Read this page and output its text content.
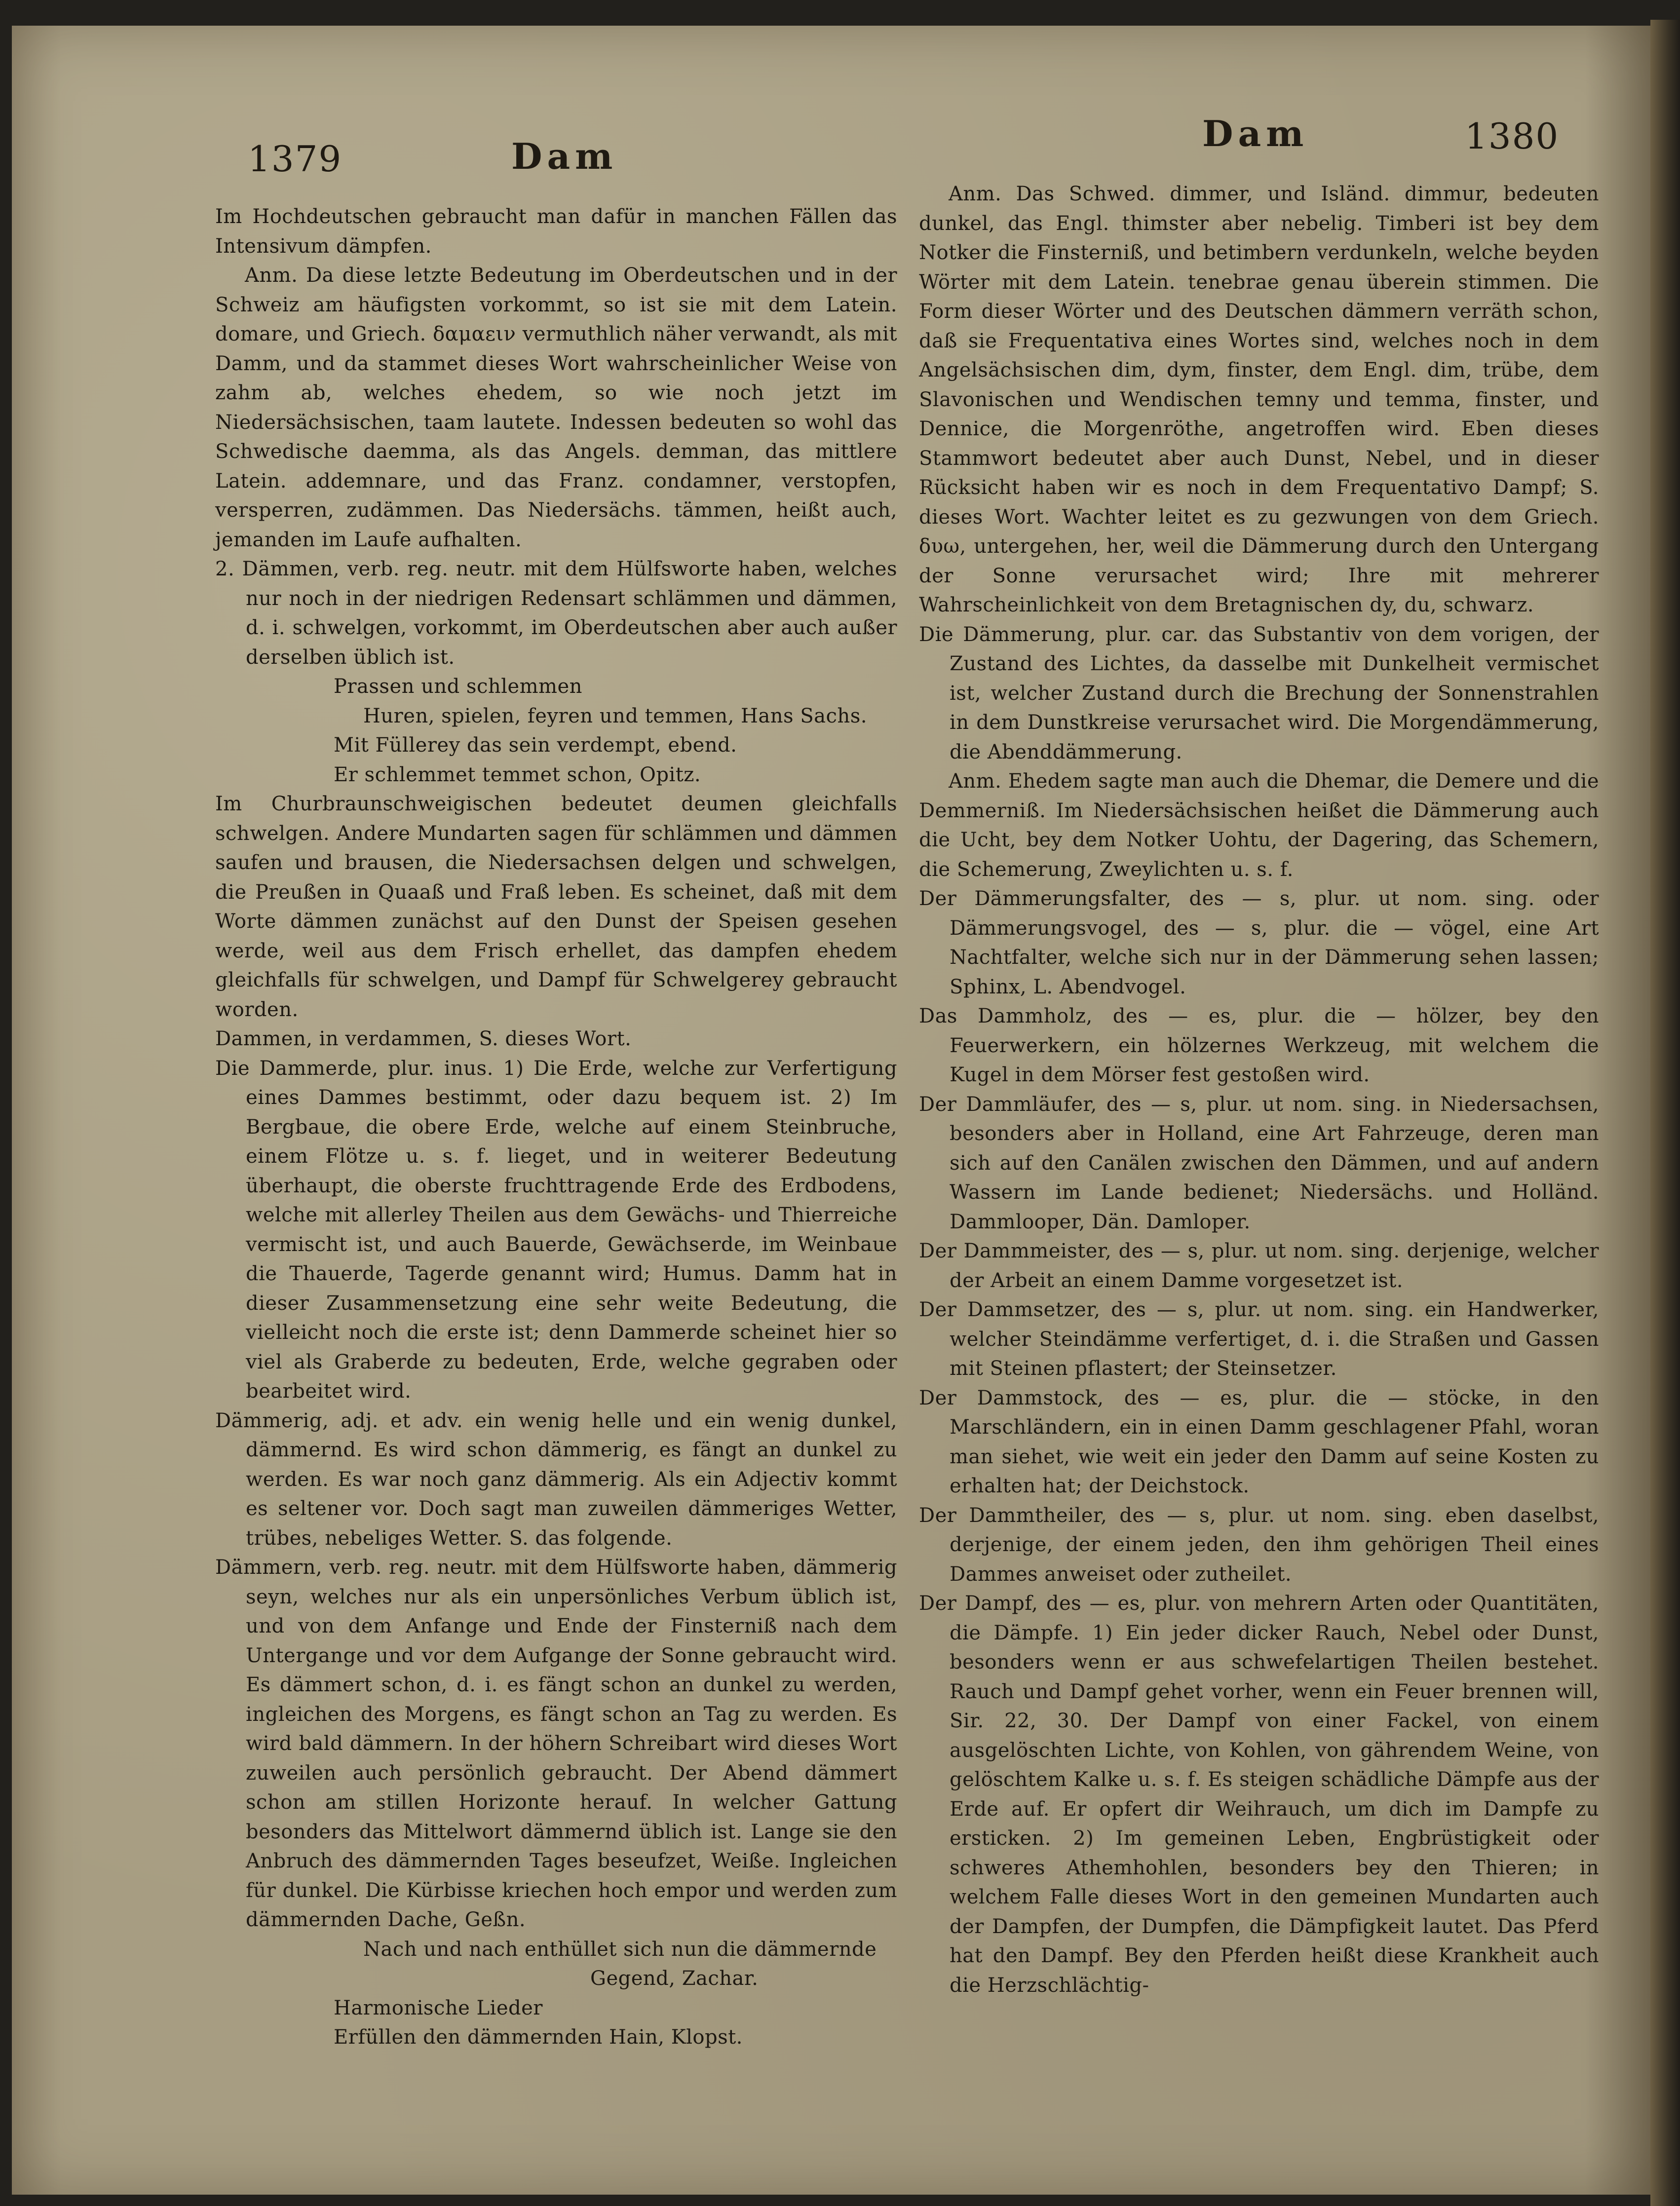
1379	Dam
Dam	1380

Im Hochdeutschen gebraucht man dafür in manchen Fällen das Intensivum dämpfen.

Anm. Da diese letzte Bedeutung im Oberdeutschen und in der Schweiz am häufigsten vorkommt, so ist sie mit dem Latein. domare, und Griech. δαμαειν vermuthlich näher verwandt, als mit Damm, und da stammet dieses Wort wahrscheinlicher Weise von zahm ab, welches ehedem, so wie noch jetzt im Niedersächsischen, taam lautete. Indessen bedeuten so wohl das Schwedische daemma, als das Angels. demman, das mittlere Latein. addemnare, und das Franz. condamner, verstopfen, versperren, zudämmen. Das Niedersächs. tämmen, heißt auch, jemanden im Laufe aufhalten.

2. Dämmen, verb. reg. neutr. mit dem Hülfsworte haben, welches nur noch in der niedrigen Redensart schlämmen und dämmen, d. i. schwelgen, vorkommt, im Oberdeutschen aber auch außer derselben üblich ist.

Prassen und schlemmen

Huren, spielen, feyren und temmen, Hans Sachs.

Mit Füllerey das sein verdempt, ebend.

Er schlemmet temmet schon, Opitz.

Im Churbraunschweigischen bedeutet deumen gleichfalls schwelgen. Andere Mundarten sagen für schlämmen und dämmen saufen und brausen, die Niedersachsen delgen und schwelgen, die Preußen in Quaaß und Fraß leben. Es scheinet, daß mit dem Worte dämmen zunächst auf den Dunst der Speisen gesehen werde, weil aus dem Frisch erhellet, das dampfen ehedem gleichfalls für schwelgen, und Dampf für Schwelgerey gebraucht worden.

Dammen, in verdammen, S. dieses Wort.

Die Dammerde, plur. inus. 1) Die Erde, welche zur Verfertigung eines Dammes bestimmt, oder dazu bequem ist. 2) Im Bergbaue, die obere Erde, welche auf einem Steinbruche, einem Flötze u. s. f. lieget, und in weiterer Bedeutung überhaupt, die oberste fruchttragende Erde des Erdbodens, welche mit allerley Theilen aus dem Gewächs- und Thierreiche vermischt ist, und auch Bauerde, Gewächserde, im Weinbaue die Thauerde, Tagerde genannt wird; Humus. Damm hat in dieser Zusammensetzung eine sehr weite Bedeutung, die vielleicht noch die erste ist; denn Dammerde scheinet hier so viel als Graberde zu bedeuten, Erde, welche gegraben oder bearbeitet wird.

Dämmerig, adj. et adv. ein wenig helle und ein wenig dunkel, dämmernd. Es wird schon dämmerig, es fängt an dunkel zu werden. Es war noch ganz dämmerig. Als ein Adjectiv kommt es seltener vor. Doch sagt man zuweilen dämmeriges Wetter, trübes, nebeliges Wetter. S. das folgende.

Dämmern, verb. reg. neutr. mit dem Hülfsworte haben, dämmerig seyn, welches nur als ein unpersönliches Verbum üblich ist, und von dem Anfange und Ende der Finsterniß nach dem Untergange und vor dem Aufgange der Sonne gebraucht wird. Es dämmert schon, d. i. es fängt schon an dunkel zu werden, ingleichen des Morgens, es fängt schon an Tag zu werden. Es wird bald dämmern. In der höhern Schreibart wird dieses Wort zuweilen auch persönlich gebraucht. Der Abend dämmert schon am stillen Horizonte herauf. In welcher Gattung besonders das Mittelwort dämmernd üblich ist. Lange sie den Anbruch des dämmernden Tages beseufzet, Weiße. Ingleichen für dunkel. Die Kürbisse kriechen hoch empor und werden zum dämmernden Dache, Geßn.

Nach und nach enthüllet sich nun die dämmernde

Gegend, Zachar.

Harmonische Lieder

Erfüllen den dämmernden Hain, Klopst.

Anm. Das Schwed. dimmer, und Isländ. dimmur, bedeuten dunkel, das Engl. thimster aber nebelig. Timberi ist bey dem Notker die Finsterniß, und betimbern verdunkeln, welche beyden Wörter mit dem Latein. tenebrae genau überein stimmen. Die Form dieser Wörter und des Deutschen dämmern verräth schon, daß sie Frequentativa eines Wortes sind, welches noch in dem Angelsächsischen dim, dym, finster, dem Engl. dim, trübe, dem Slavonischen und Wendischen temny und temma, finster, und Dennice, die Morgenröthe, angetroffen wird. Eben dieses Stammwort bedeutet aber auch Dunst, Nebel, und in dieser Rücksicht haben wir es noch in dem Frequentativo Dampf; S. dieses Wort. Wachter leitet es zu gezwungen von dem Griech. δυω, untergehen, her, weil die Dämmerung durch den Untergang der Sonne verursachet wird; Ihre mit mehrerer Wahrscheinlichkeit von dem Bretagnischen dy, du, schwarz.

Die Dämmerung, plur. car. das Substantiv von dem vorigen, der Zustand des Lichtes, da dasselbe mit Dunkelheit vermischet ist, welcher Zustand durch die Brechung der Sonnenstrahlen in dem Dunstkreise verursachet wird. Die Morgendämmerung, die Abenddämmerung.

Anm. Ehedem sagte man auch die Dhemar, die Demere und die Demmerniß. Im Niedersächsischen heißet die Dämmerung auch die Ucht, bey dem Notker Uohtu, der Dagering, das Schemern, die Schemerung, Zweylichten u. s. f.

Der Dämmerungsfalter, des — s, plur. ut nom. sing. oder Dämmerungsvogel, des — s, plur. die — vögel, eine Art Nachtfalter, welche sich nur in der Dämmerung sehen lassen; Sphinx, L. Abendvogel.

Das Dammholz, des — es, plur. die — hölzer, bey den Feuerwerkern, ein hölzernes Werkzeug, mit welchem die Kugel in dem Mörser fest gestoßen wird.

Der Dammläufer, des — s, plur. ut nom. sing. in Niedersachsen, besonders aber in Holland, eine Art Fahrzeuge, deren man sich auf den Canälen zwischen den Dämmen, und auf andern Wassern im Lande bedienet; Niedersächs. und Holländ. Dammlooper, Dän. Damloper.

Der Dammmeister, des — s, plur. ut nom. sing. derjenige, welcher der Arbeit an einem Damme vorgesetzet ist.

Der Dammsetzer, des — s, plur. ut nom. sing. ein Handwerker, welcher Steindämme verfertiget, d. i. die Straßen und Gassen mit Steinen pflastert; der Steinsetzer.

Der Dammstock, des — es, plur. die — stöcke, in den Marschländern, ein in einen Damm geschlagener Pfahl, woran man siehet, wie weit ein jeder den Damm auf seine Kosten zu erhalten hat; der Deichstock.

Der Dammtheiler, des — s, plur. ut nom. sing. eben daselbst, derjenige, der einem jeden, den ihm gehörigen Theil eines Dammes anweiset oder zutheilet.

Der Dampf, des — es, plur. von mehrern Arten oder Quantitäten, die Dämpfe. 1) Ein jeder dicker Rauch, Nebel oder Dunst, besonders wenn er aus schwefelartigen Theilen bestehet. Rauch und Dampf gehet vorher, wenn ein Feuer brennen will, Sir. 22, 30. Der Dampf von einer Fackel, von einem ausgelöschten Lichte, von Kohlen, von gährendem Weine, von gelöschtem Kalke u. s. f. Es steigen schädliche Dämpfe aus der Erde auf. Er opfert dir Weihrauch, um dich im Dampfe zu ersticken. 2) Im gemeinen Leben, Engbrüstigkeit oder schweres Athemhohlen, besonders bey den Thieren; in welchem Falle dieses Wort in den gemeinen Mundarten auch der Dampfen, der Dumpfen, die Dämpfigkeit lautet. Das Pferd hat den Dampf. Bey den Pferden heißt diese Krankheit auch die Herzschlächtig-
